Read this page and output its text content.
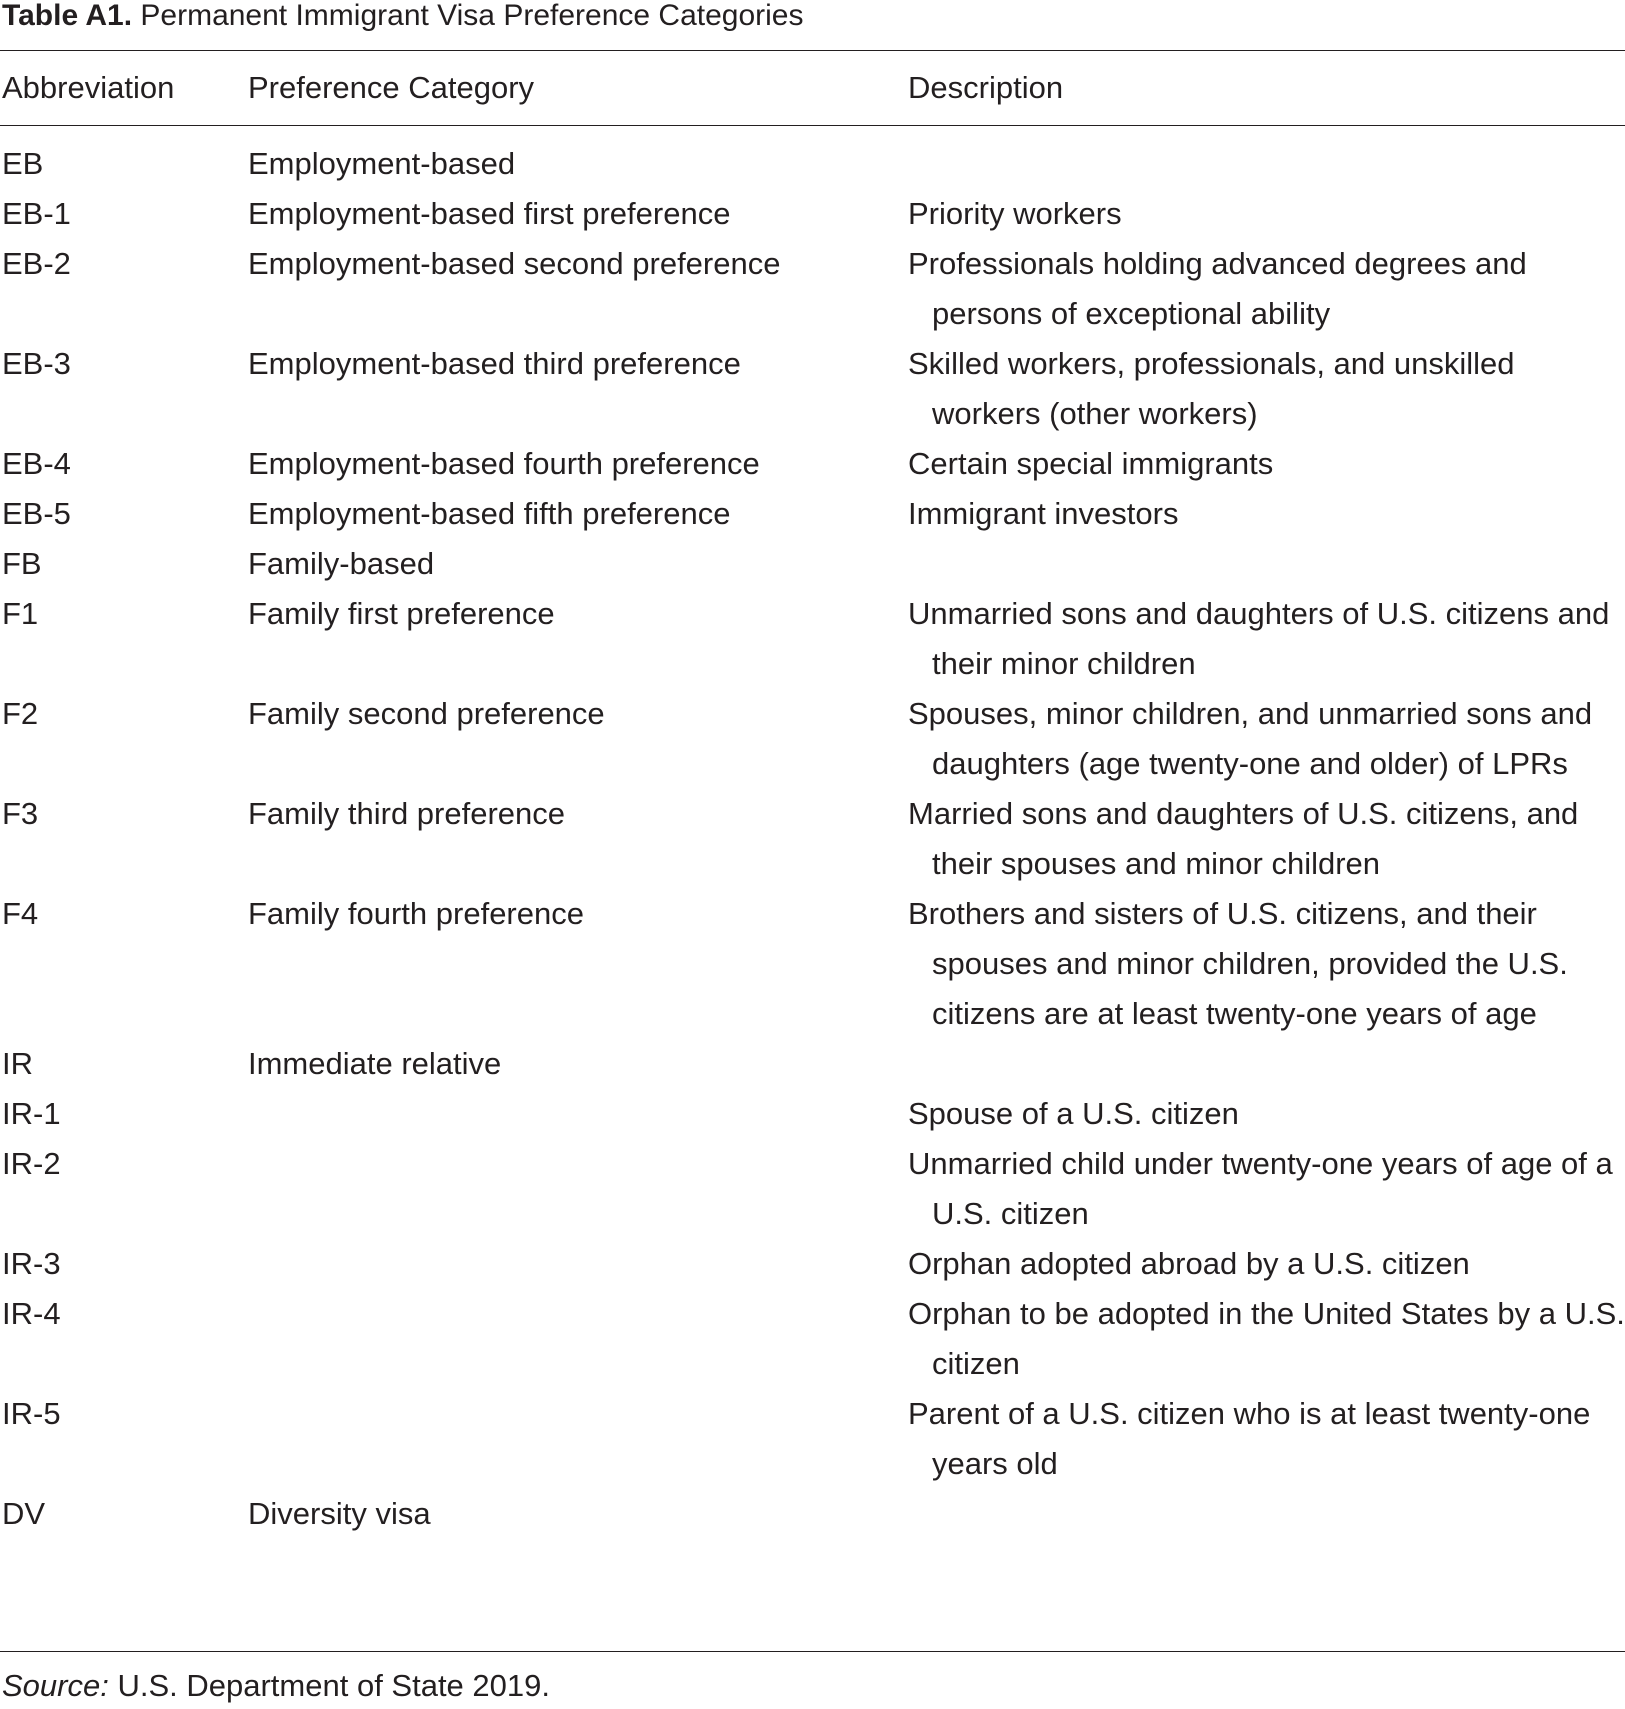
Table A1. Permanent Immigrant Visa Preference Categories
Abbreviation	Preference Category	Description
EB	Employment-based	
EB-1	Employment-based first preference	Priority workers
EB-2	Employment-based second preference	Professionals holding advanced degrees and persons of exceptional ability
EB-3	Employment-based third preference	Skilled workers, professionals, and unskilled workers (other workers)
EB-4	Employment-based fourth preference	Certain special immigrants
EB-5	Employment-based fifth preference	Immigrant investors
FB	Family-based	
F1	Family first preference	Unmarried sons and daughters of U.S. citizens and their minor children
F2	Family second preference	Spouses, minor children, and unmarried sons and daughters (age twenty-one and older) of LPRs
F3	Family third preference	Married sons and daughters of U.S. citizens, and their spouses and minor children
F4	Family fourth preference	Brothers and sisters of U.S. citizens, and their spouses and minor children, provided the U.S. citizens are at least twenty-one years of age
IR	Immediate relative	
IR-1		Spouse of a U.S. citizen
IR-2		Unmarried child under twenty-one years of age of a U.S. citizen
IR-3		Orphan adopted abroad by a U.S. citizen
IR-4		Orphan to be adopted in the United States by a U.S. citizen
IR-5		Parent of a U.S. citizen who is at least twenty-one years old
DV	Diversity visa	
Source: U.S. Department of State 2019.
